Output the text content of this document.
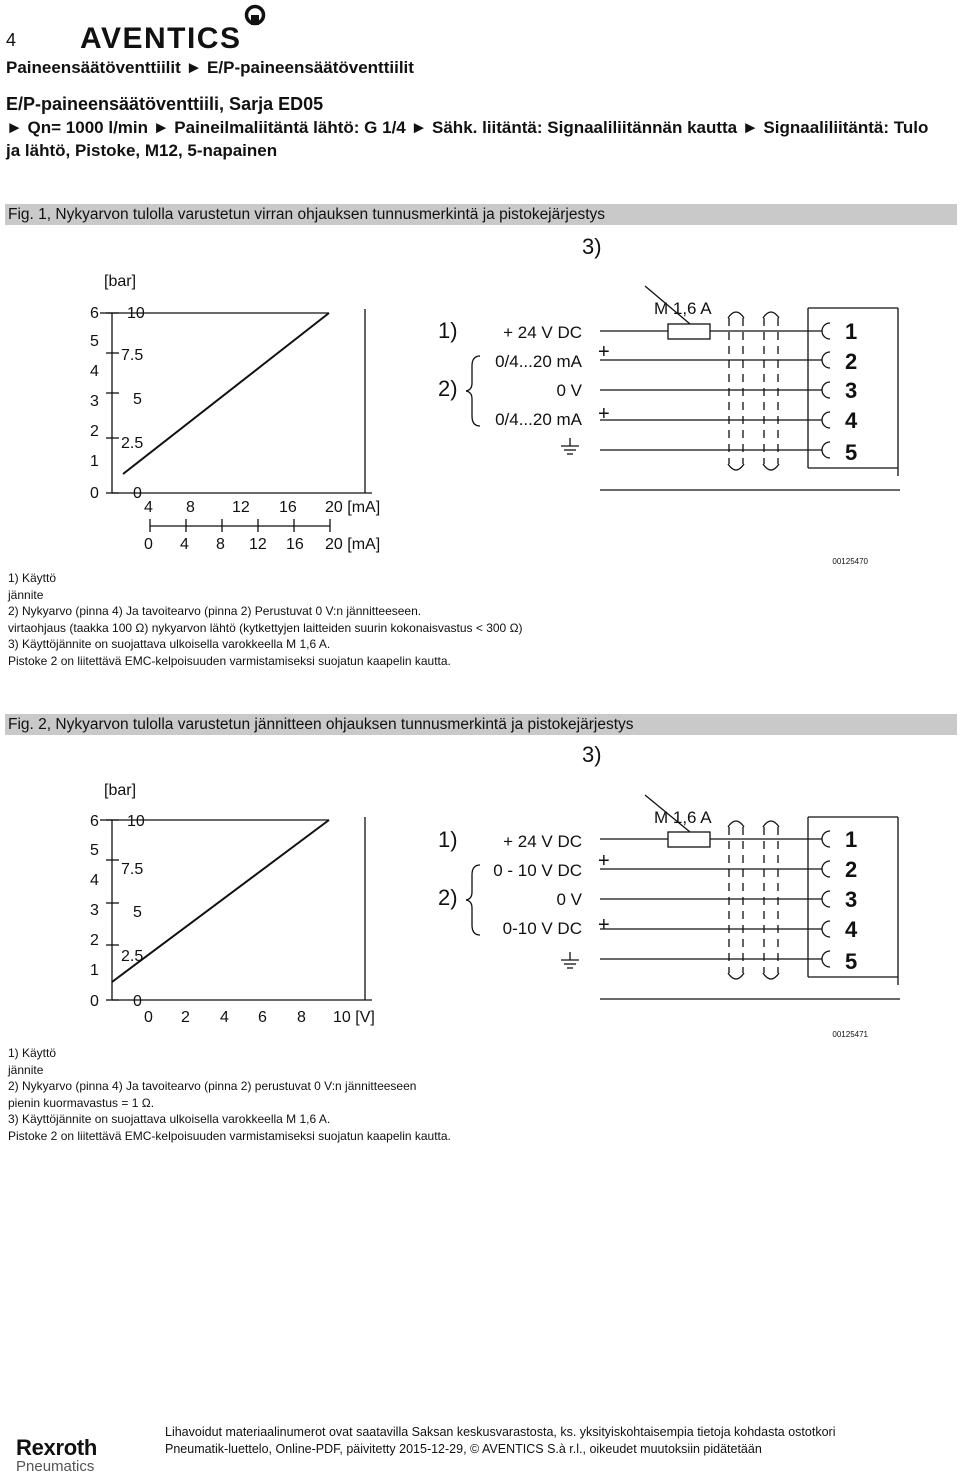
4 AVENTICS
Paineensäätöventtiilit ► E/P-paineensäätöventtiilit
E/P-paineensäätöventtiili, Sarja ED05
► Qn= 1000 l/min ► Paineilmaliitäntä lähtö: G 1/4 ► Sähk. liitäntä: Signaaliliitännän kautta ► Signaaliliitäntä: Tulo
ja lähtö, Pistoke, M12, 5-napainen
Fig. 1, Nykyarvon tulolla varustetun virran ohjauksen tunnusmerkintä ja pistokejärjestys
[bar]
6
5
4
3
2
1
0
10
7.5
5
2.5
0
4 8 12 16 20 [mA]
0 4 8 12 16 20 [mA]
1)
2)
3)
+ 24 V DC
0/4...20 mA
0 V
0/4...20 mA
+
+
M 1,6 A
1
2
3
4
5
00125470
1) Käyttö
jännite
2) Nykyarvo (pinna 4) Ja tavoitearvo (pinna 2) Perustuvat 0 V:n jännitteeseen.
virtaohjaus (taakka 100 Ω) nykyarvon lähtö (kytkettyjen laitteiden suurin kokonaisvastus < 300 Ω)
3) Käyttöjännite on suojattava ulkoisella varokkeella M 1,6 A.
Pistoke 2 on liitettävä EMC-kelpoisuuden varmistamiseksi suojatun kaapelin kautta.
Fig. 2, Nykyarvon tulolla varustetun jännitteen ohjauksen tunnusmerkintä ja pistokejärjestys
[bar]
6
5
4
3
2
1
0
10
7.5
5
2.5
0
0 2 4 6 8 10 [V]
1)
2)
3)
+ 24 V DC
0 - 10 V DC
0 V
0-10 V DC
+
+
M 1,6 A
1
2
3
4
5
00125471
1) Käyttö
jännite
2) Nykyarvo (pinna 4) Ja tavoitearvo (pinna 2) perustuvat 0 V:n jännitteeseen
pienin kuormavastus = 1 Ω.
3) Käyttöjännite on suojattava ulkoisella varokkeella M 1,6 A.
Pistoke 2 on liitettävä EMC-kelpoisuuden varmistamiseksi suojatun kaapelin kautta.
Rexroth
Pneumatics
Lihavoidut materiaalinumerot ovat saatavilla Saksan keskusvarastosta, ks. yksityiskohtaisempia tietoja kohdasta ostotkori
Pneumatik-luettelo, Online-PDF, päivitetty 2015-12-29, © AVENTICS S.à r.l., oikeudet muutoksiin pidätetään
